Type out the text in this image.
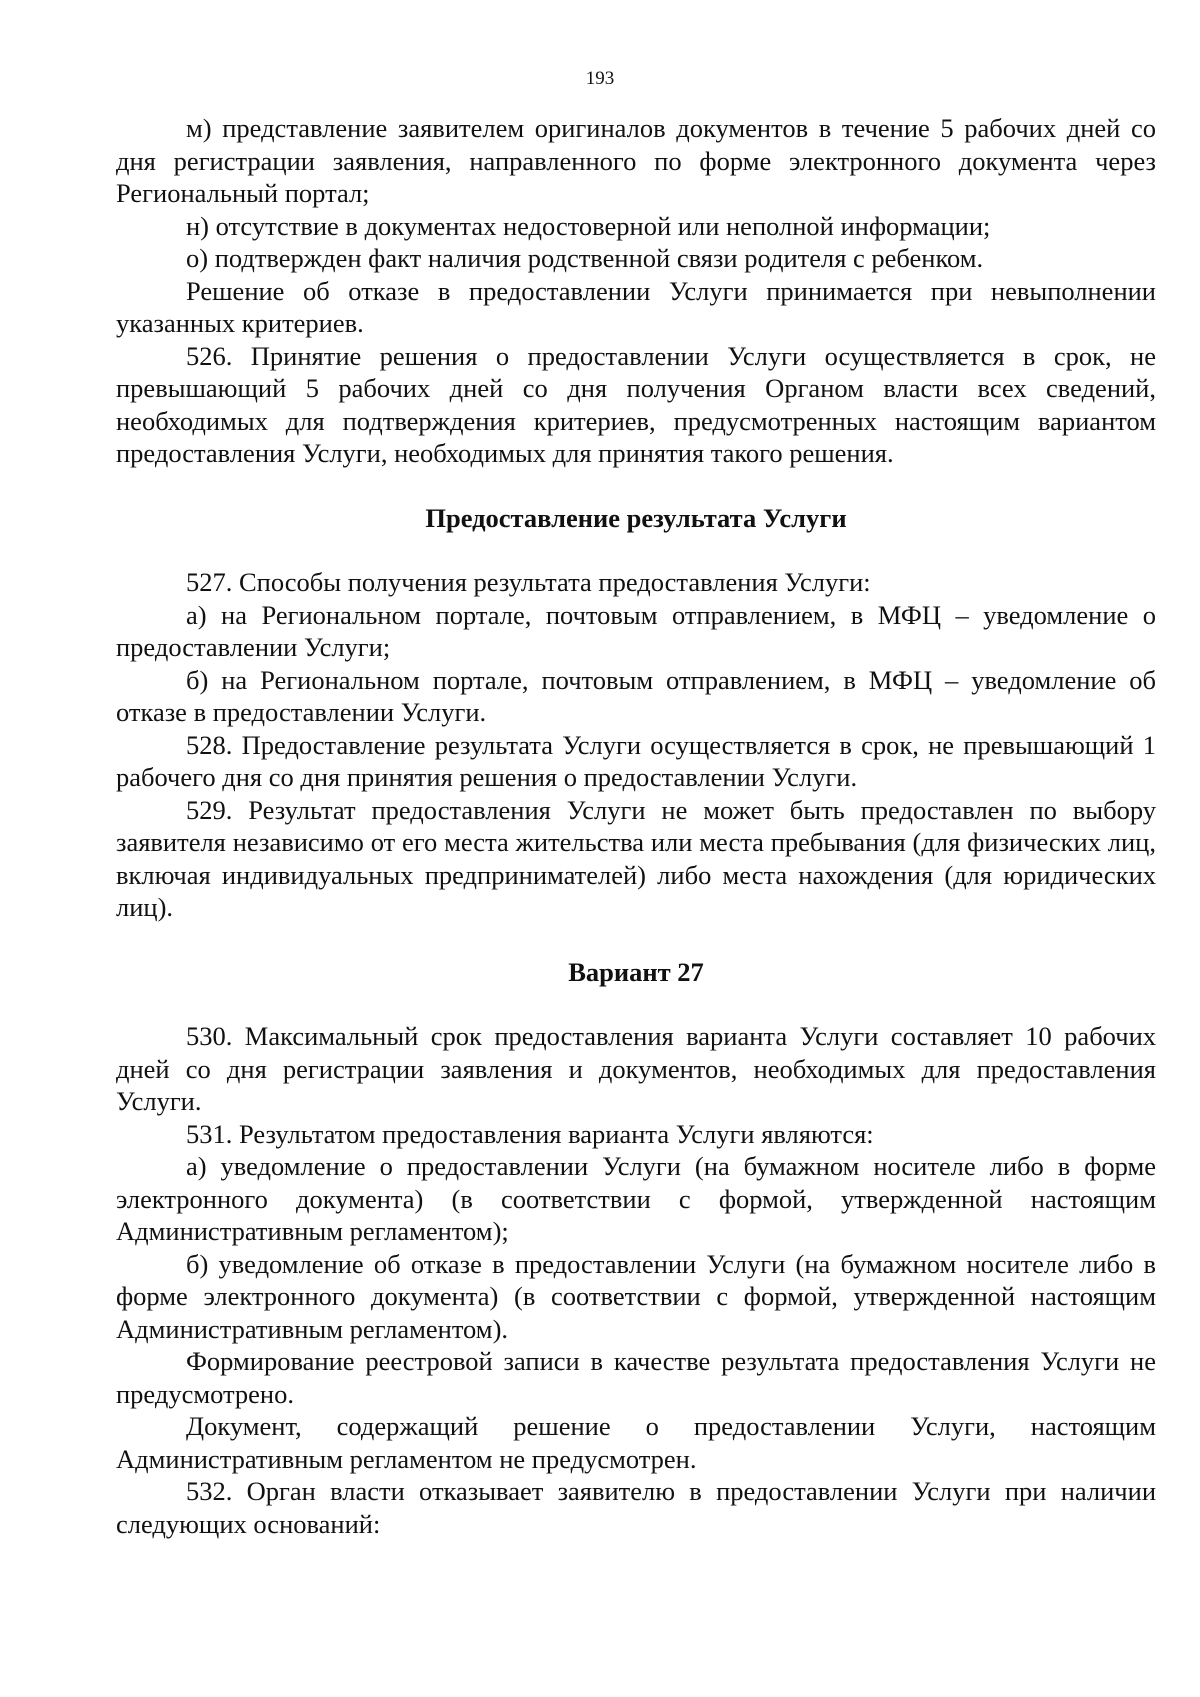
193

м) представление заявителем оригиналов документов в течение 5 рабочих дней со дня регистрации заявления, направленного по форме электронного документа через Региональный портал;

н) отсутствие в документах недостоверной или неполной информации;

о) подтвержден факт наличия родственной связи родителя с ребенком.

Решение об отказе в предоставлении Услуги принимается при невыполнении указанных критериев.

526. Принятие решения о предоставлении Услуги осуществляется в срок, не превышающий 5 рабочих дней со дня получения Органом власти всех сведений, необходимых для подтверждения критериев, предусмотренных настоящим вариантом предоставления Услуги, необходимых для принятия такого решения.

Предоставление результата Услуги

527. Способы получения результата предоставления Услуги:

а) на Региональном портале, почтовым отправлением, в МФЦ – уведомление о предоставлении Услуги;

б) на Региональном портале, почтовым отправлением, в МФЦ – уведомление об отказе в предоставлении Услуги.

528. Предоставление результата Услуги осуществляется в срок, не превышающий 1 рабочего дня со дня принятия решения о предоставлении Услуги.

529. Результат предоставления Услуги не может быть предоставлен по выбору заявителя независимо от его места жительства или места пребывания (для физических лиц, включая индивидуальных предпринимателей) либо места нахождения (для юридических лиц).

Вариант 27

530. Максимальный срок предоставления варианта Услуги составляет 10 рабочих дней со дня регистрации заявления и документов, необходимых для предоставления Услуги.

531. Результатом предоставления варианта Услуги являются:

а) уведомление о предоставлении Услуги (на бумажном носителе либо в форме электронного документа) (в соответствии с формой, утвержденной настоящим Административным регламентом);

б) уведомление об отказе в предоставлении Услуги (на бумажном носителе либо в форме электронного документа) (в соответствии с формой, утвержденной настоящим Административным регламентом).

Формирование реестровой записи в качестве результата предоставления Услуги не предусмотрено.

Документ, содержащий решение о предоставлении Услуги, настоящим Административным регламентом не предусмотрен.

532. Орган власти отказывает заявителю в предоставлении Услуги при наличии следующих оснований:
